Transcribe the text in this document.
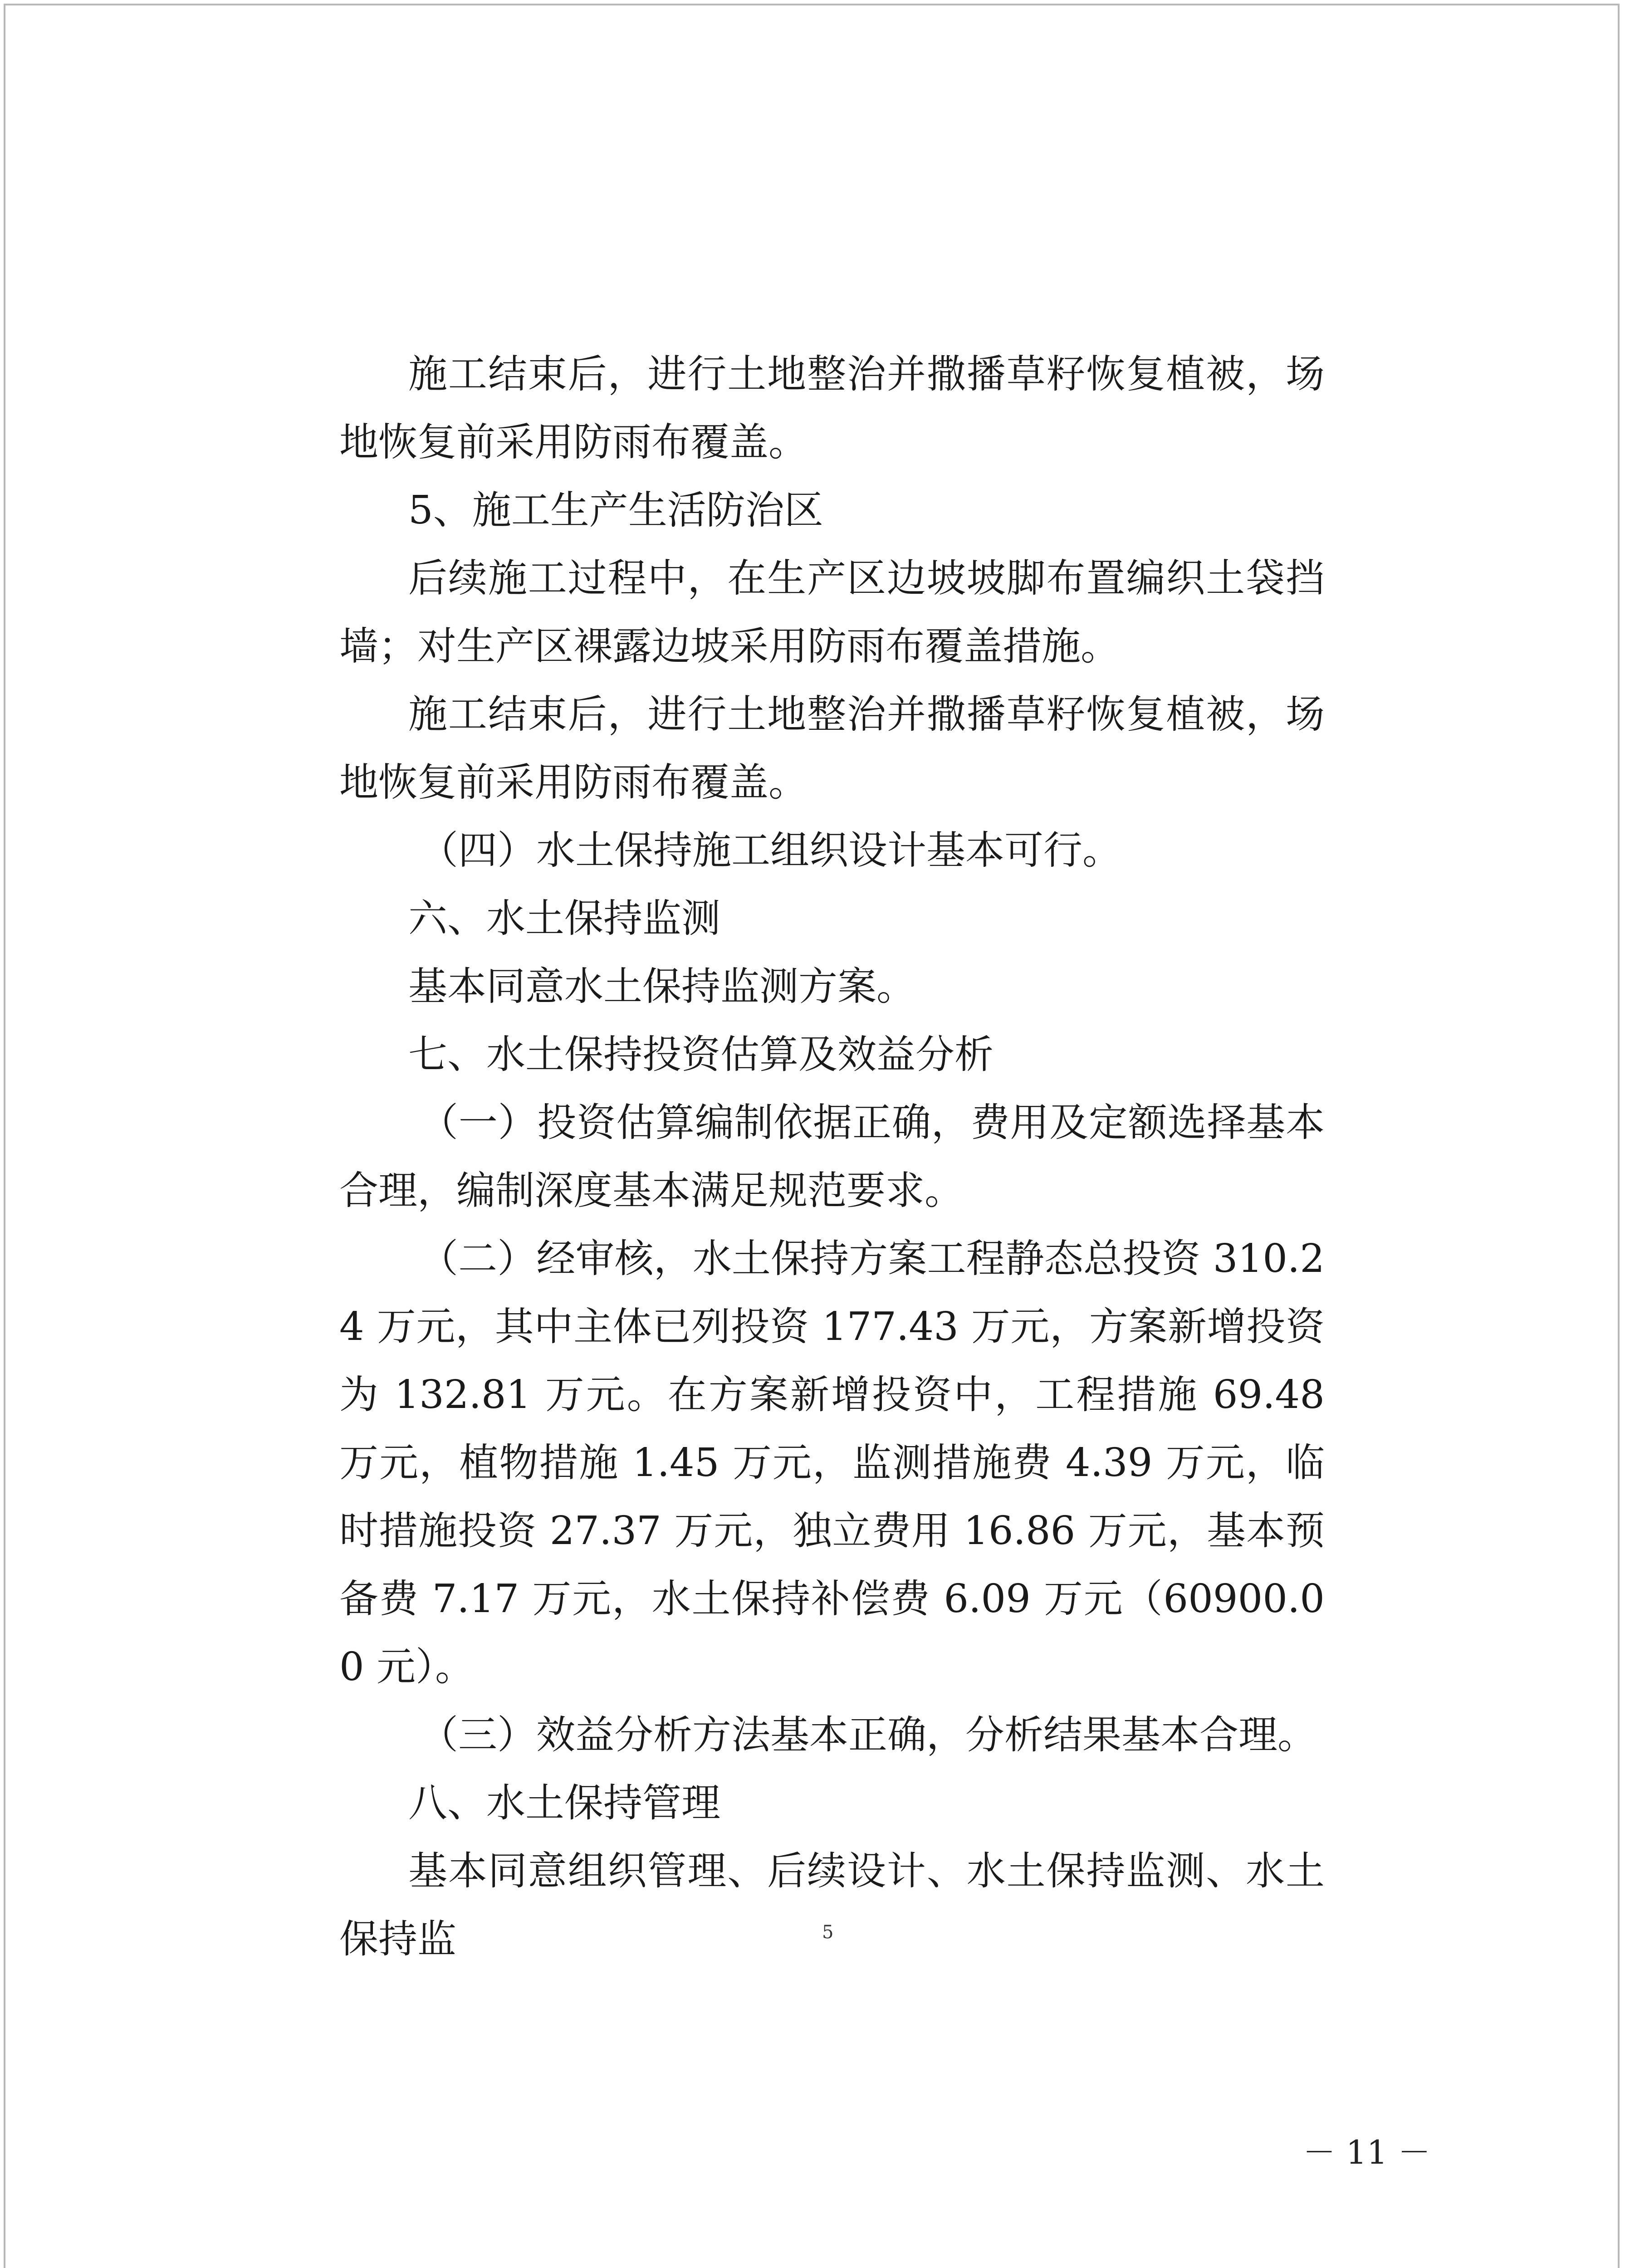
施工结束后，进行土地整治并撒播草籽恢复植被，场地恢复前采用防雨布覆盖。

5、施工生产生活防治区

后续施工过程中，在生产区边坡坡脚布置编织土袋挡墙；对生产区裸露边坡采用防雨布覆盖措施。

施工结束后，进行土地整治并撒播草籽恢复植被，场地恢复前采用防雨布覆盖。

（四）水土保持施工组织设计基本可行。

六、水土保持监测

基本同意水土保持监测方案。

七、水土保持投资估算及效益分析

（一）投资估算编制依据正确，费用及定额选择基本合理，编制深度基本满足规范要求。

（二）经审核，水土保持方案工程静态总投资 310.24 万元，其中主体已列投资 177.43 万元，方案新增投资为 132.81 万元。在方案新增投资中，工程措施 69.48 万元，植物措施 1.45 万元，监测措施费 4.39 万元，临时措施投资 27.37 万元，独立费用 16.86 万元，基本预备费 7.17 万元，水土保持补偿费 6.09 万元（60900.00 元）。

（三）效益分析方法基本正确，分析结果基本合理。

八、水土保持管理

基本同意组织管理、后续设计、水土保持监测、水土保持监	5
－ 11 －
